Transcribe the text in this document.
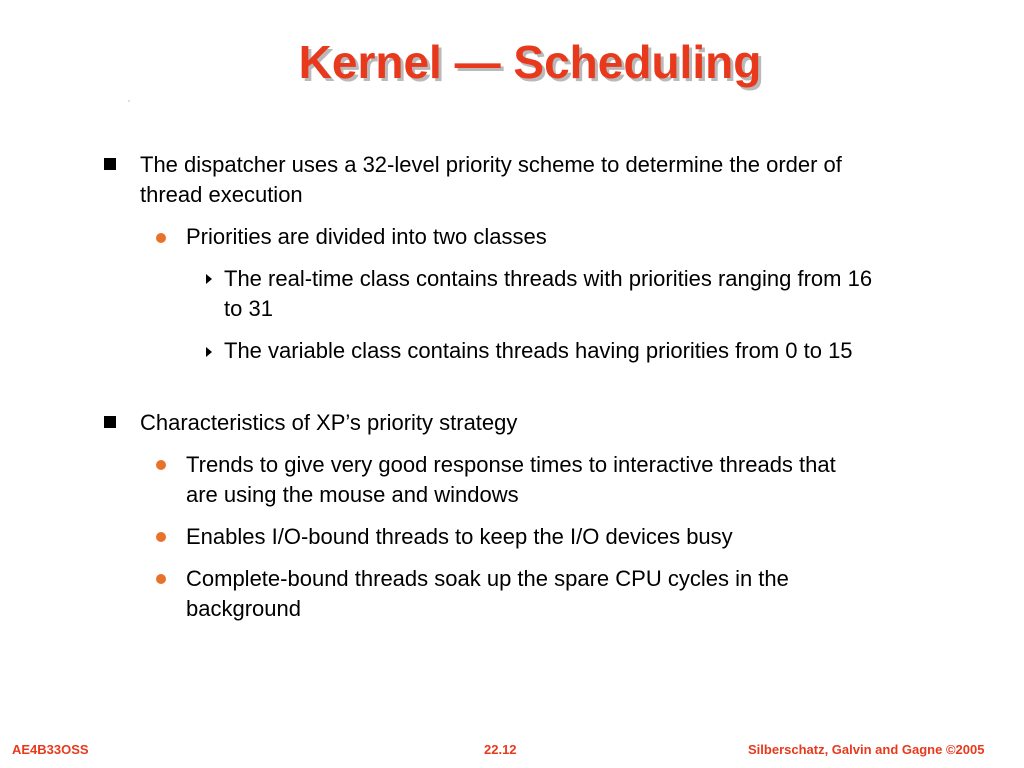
Kernel — Scheduling
The dispatcher uses a 32-level priority scheme to determine the order of thread execution
Priorities are divided into two classes
The real-time class contains threads with priorities ranging from 16 to 31
The variable class contains threads having priorities from 0 to 15
Characteristics of XP’s priority strategy
Trends to give very good response times to interactive threads that are using the mouse and windows
Enables I/O-bound threads to keep the I/O devices busy
Complete-bound threads soak up the spare CPU cycles in the background
AE4B33OSS	22.12	Silberschatz, Galvin and Gagne ©2005
